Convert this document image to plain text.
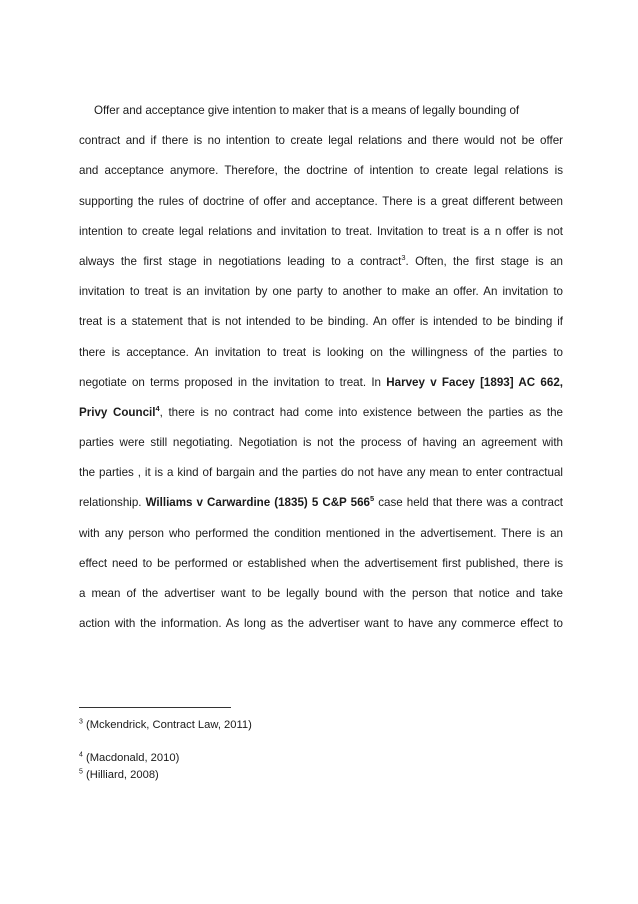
Offer and acceptance give intention to maker that is a means of legally bounding of
contract and if there is no intention to create legal relations and there would not be offer
and acceptance anymore. Therefore, the doctrine of intention to create legal relations is
supporting the rules of doctrine of offer and acceptance. There is a great different between
intention to create legal relations and invitation to treat. Invitation to treat is a n offer is not
always the first stage in negotiations leading to a contract$^3$. Often, the first stage is an
invitation to treat is an invitation by one party to another to make an offer. An invitation to
treat is a statement that is not intended to be binding. An offer is intended to be binding if
there is acceptance. An invitation to treat is looking on the willingness of the parties to
negotiate on terms proposed in the invitation to treat. In Harvey v Facey [1893] AC 662,
Privy Council$^4$, there is no contract had come into existence between the parties as the
parties were still negotiating. Negotiation is not the process of having an agreement with
the parties , it is a kind of bargain and the parties do not have any mean to enter contractual
relationship. Williams v Carwardine (1835) 5 C&P $566^5$ case held that there was a contract
with any person who performed the condition mentioned in the advertisement. There is an
effect need to be performed or established when the advertisement first published, there is
a mean of the advertiser want to be legally bound with the person that notice and take
action with the information. As long as the advertiser want to have any commerce effect to
$^3$ (Mckendrick, Contract Law, 2011)
$^4$ (Macdonald, 2010)
$^5$ (Hilliard, 2008)
